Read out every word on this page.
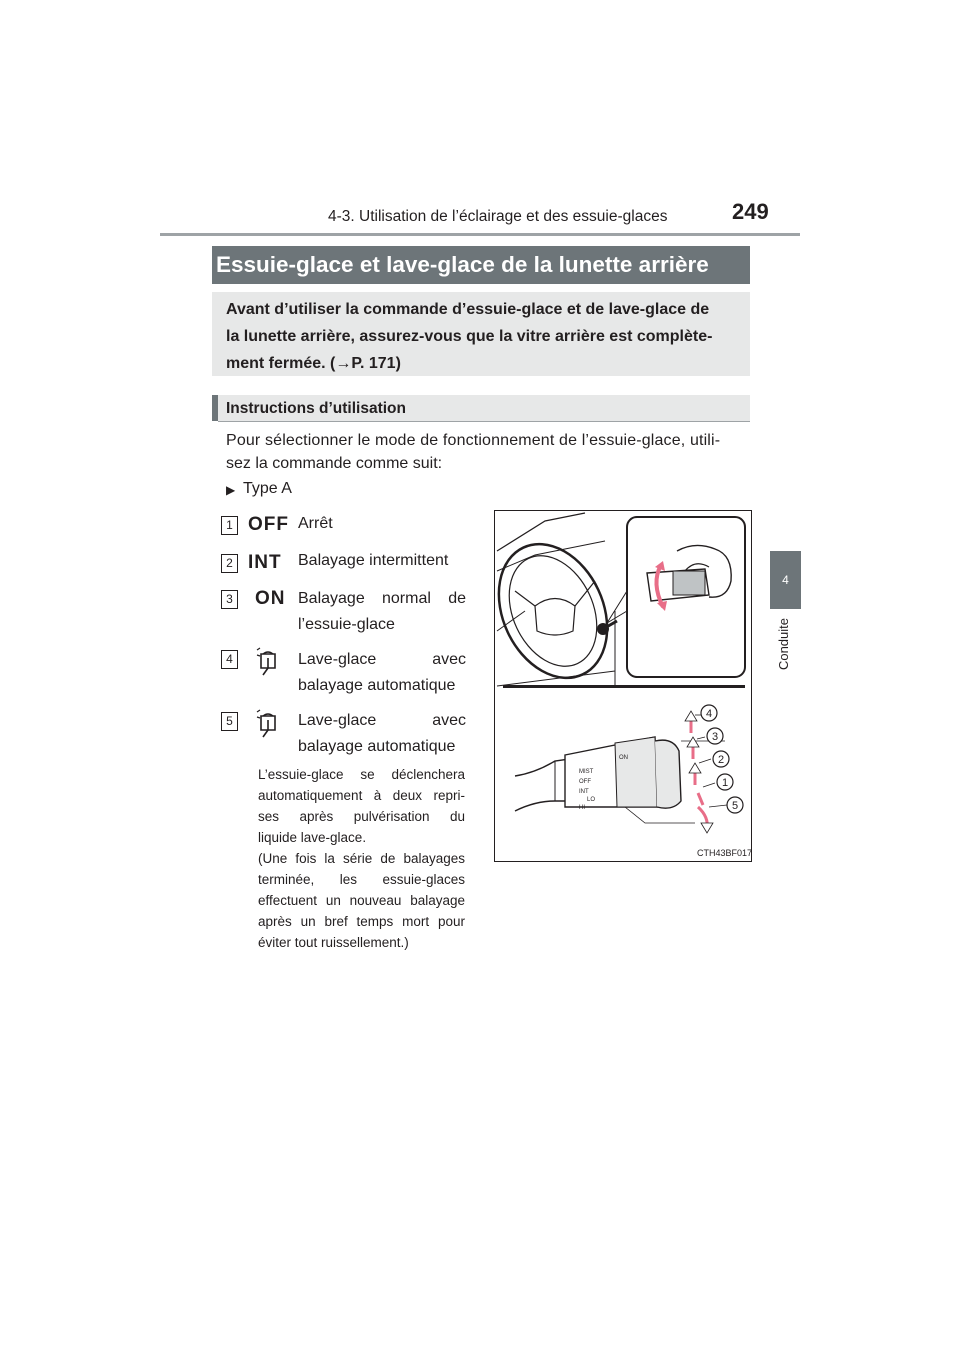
4-3. Utilisation de l’éclairage et des essuie-glaces	249
4
Conduite
Essuie-glace et lave-glace de la lunette arrière
Avant d’utiliser la commande d’essuie-glace et de lave-glace de
la lunette arrière, assurez-vous que la vitre arrière est complète-
ment fermée. (→P. 171)
Instructions d’utilisation
Pour sélectionner le mode de fonctionnement de l’essuie-glace, utili-
sez la commande comme suit:
▶ Type A
1 OFF Arrêt
2 INT Balayage intermittent
3 ON Balayage normal de
l’essuie-glace
4	Lave-glace avec
balayage automatique
5	Lave-glace avec
balayage automatique
L’essuie-glace se déclenchera
automatiquement à deux repri-
ses après pulvérisation du
liquide lave-glace.
(Une fois la série de balayages
terminée, les essuie-glaces
effectuent un nouveau balayage
après un bref temps mort pour
éviter tout ruissellement.)
MIST
OFF
INT
LO
HI
ON
4
3
2
1
5
CTH43BF017
